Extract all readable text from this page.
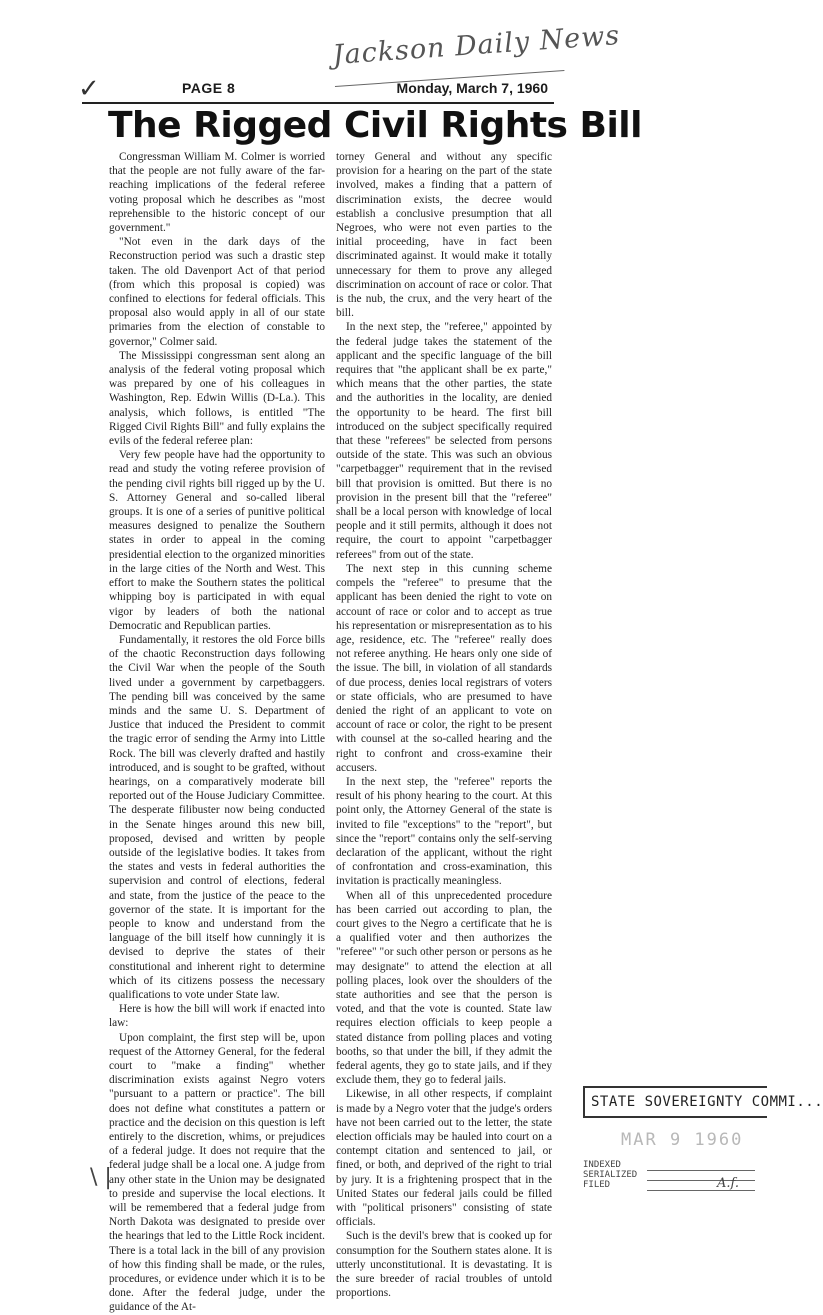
Jackson Daily News
PAGE 8	Monday, March 7, 1960
✓
The Rigged Civil Rights Bill

Congressman William M. Colmer is worried that the people are not fully aware of the far-reaching implications of the federal referee voting proposal which he describes as "most reprehensible to the historic concept of our government."

"Not even in the dark days of the Reconstruction period was such a drastic step taken. The old Davenport Act of that period (from which this proposal is copied) was confined to elections for federal officials. This proposal also would apply in all of our state primaries from the election of constable to governor," Colmer said.

The Mississippi congressman sent along an analysis of the federal voting proposal which was prepared by one of his colleagues in Washington, Rep. Edwin Willis (D-La.). This analysis, which follows, is entitled "The Rigged Civil Rights Bill" and fully explains the evils of the federal referee plan:

Very few people have had the opportunity to read and study the voting referee provision of the pending civil rights bill rigged up by the U. S. Attorney General and so-called liberal groups. It is one of a series of punitive political measures designed to penalize the Southern states in order to appeal in the coming presidential election to the organized minorities in the large cities of the North and West. This effort to make the Southern states the political whipping boy is participated in with equal vigor by leaders of both the national Democratic and Republican parties.

Fundamentally, it restores the old Force bills of the chaotic Reconstruction days following the Civil War when the people of the South lived under a government by carpetbaggers. The pending bill was conceived by the same minds and the same U. S. Department of Justice that induced the President to commit the tragic error of sending the Army into Little Rock. The bill was cleverly drafted and hastily introduced, and is sought to be grafted, without hearings, on a comparatively moderate bill reported out of the House Judiciary Committee. The desperate filibuster now being conducted in the Senate hinges around this new bill, proposed, devised and written by people outside of the legislative bodies. It takes from the states and vests in federal authorities the supervision and control of elections, federal and state, from the justice of the peace to the governor of the state. It is important for the people to know and understand from the language of the bill itself how cunningly it is devised to deprive the states of their constitutional and inherent right to determine which of its citizens possess the necessary qualifications to vote under State law.

Here is how the bill will work if enacted into law:

Upon complaint, the first step will be, upon request of the Attorney General, for the federal court to "make a finding" whether discrimination exists against Negro voters "pursuant to a pattern or practice". The bill does not define what constitutes a pattern or practice and the decision on this question is left entirely to the discretion, whims, or prejudices of a federal judge. It does not require that the federal judge shall be a local one. A judge from any other state in the Union may be designated to preside and supervise the local elections. It will be remembered that a federal judge from North Dakota was designated to preside over the hearings that led to the Little Rock incident. There is a total lack in the bill of any provision of how this finding shall be made, or the rules, procedures, or evidence under which it is to be done. After the federal judge, under the guidance of the At-

torney General and without any specific provision for a hearing on the part of the state involved, makes a finding that a pattern of discrimination exists, the decree would establish a conclusive presumption that all Negroes, who were not even parties to the initial proceeding, have in fact been discriminated against. It would make it totally unnecessary for them to prove any alleged discrimination on account of race or color. That is the nub, the crux, and the very heart of the bill.

In the next step, the "referee," appointed by the federal judge takes the statement of the applicant and the specific language of the bill requires that "the applicant shall be ex parte," which means that the other parties, the state and the authorities in the locality, are denied the opportunity to be heard. The first bill introduced on the subject specifically required that these "referees" be selected from persons outside of the state. This was such an obvious "carpetbagger" requirement that in the revised bill that provision is omitted. But there is no provision in the present bill that the "referee" shall be a local person with knowledge of local people and it still permits, although it does not require, the court to appoint "carpetbagger referees" from out of the state.

The next step in this cunning scheme compels the "referee" to presume that the applicant has been denied the right to vote on account of race or color and to accept as true his representation or misrepresentation as to his age, residence, etc. The "referee" really does not referee anything. He hears only one side of the issue. The bill, in violation of all standards of due process, denies local registrars of voters or state officials, who are presumed to have denied the right of an applicant to vote on account of race or color, the right to be present with counsel at the so-called hearing and the right to confront and cross-examine their accusers.

In the next step, the "referee" reports the result of his phony hearing to the court. At this point only, the Attorney General of the state is invited to file "exceptions" to the "report", but since the "report" contains only the self-serving declaration of the applicant, without the right of confrontation and cross-examination, this invitation is practically meaningless.

When all of this unprecedented procedure has been carried out according to plan, the court gives to the Negro a certificate that he is a qualified voter and then authorizes the "referee" "or such other person or persons as he may designate" to attend the election at all polling places, look over the shoulders of the state authorities and see that the person is voted, and that the vote is counted. State law requires election officials to keep people a stated distance from polling places and voting booths, so that under the bill, if they admit the federal agents, they go to state jails, and if they exclude them, they go to federal jails.

Likewise, in all other respects, if complaint is made by a Negro voter that the judge's orders have not been carried out to the letter, the state election officials may be hauled into court on a contempt citation and sentenced to jail, or fined, or both, and deprived of the right to trial by jury. It is a frightening prospect that in the United States our federal jails could be filled with "political prisoners" consisting of state officials.

Such is the devil's brew that is cooked up for consumption for the Southern states alone. It is utterly unconstitutional. It is devastating. It is the sure breeder of racial troubles of untold proportions.

STATE SOVEREIGNTY COMMI...
MAR 9 1960
INDEXED
SERIALIZED
FILED	A.f.
\ |
